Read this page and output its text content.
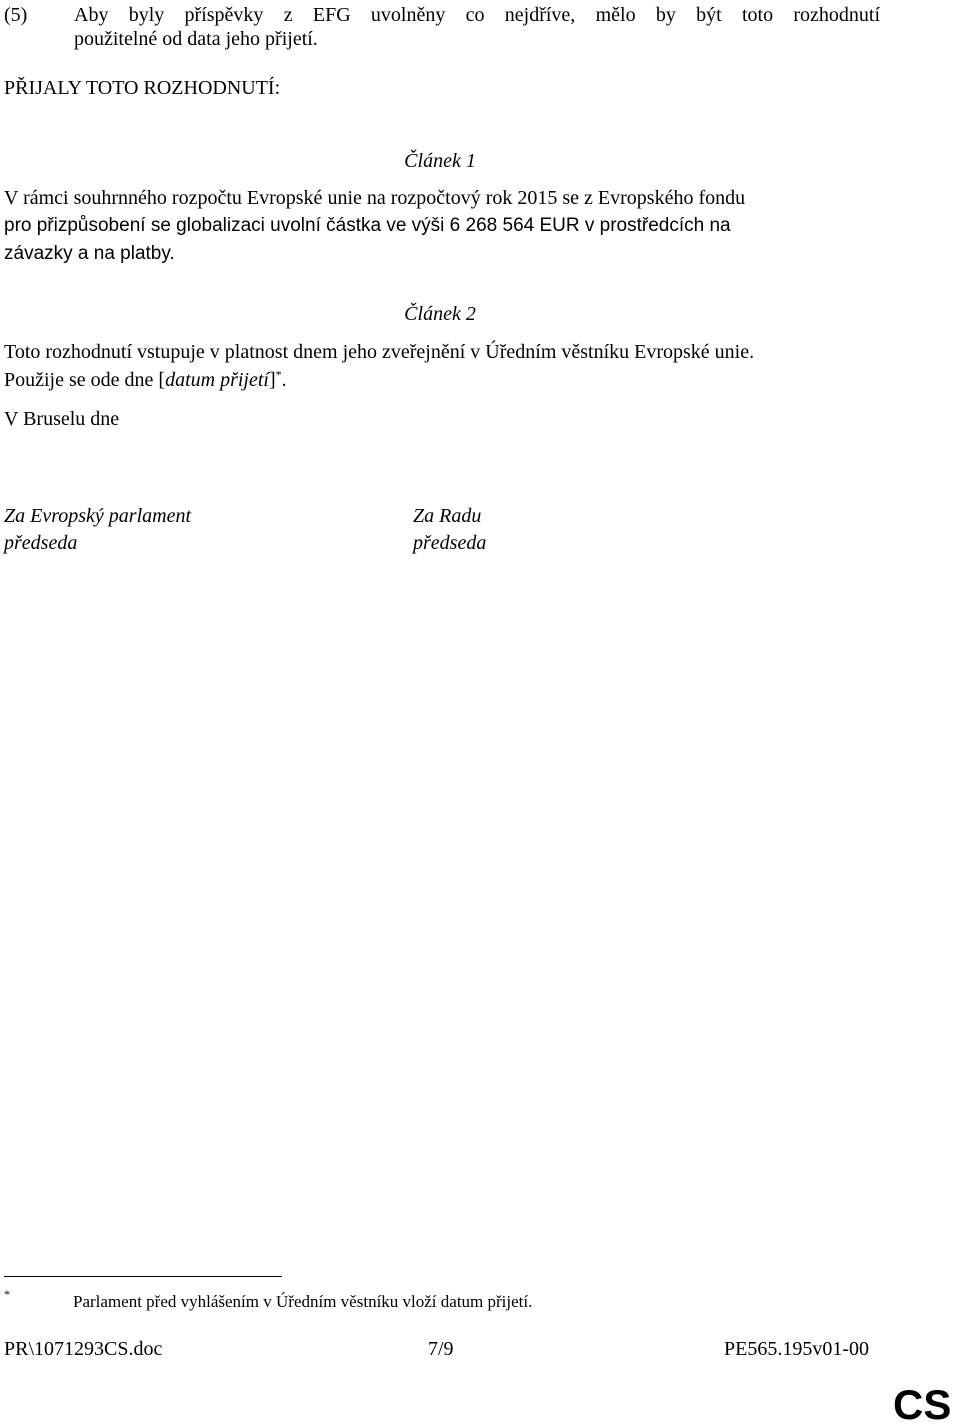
(5) Aby byly příspěvky z EFG uvolněny co nejdříve, mělo by být toto rozhodnutí
použitelné od data jeho přijetí.
PŘIJALY TOTO ROZHODNUTÍ:
Článek 1
V rámci souhrnného rozpočtu Evropské unie na rozpočtový rok 2015 se z Evropského fondu
pro přizpůsobení se globalizaci uvolní částka ve výši 6 268 564 EUR v prostředcích na
závazky a na platby.
Článek 2
Toto rozhodnutí vstupuje v platnost dnem jeho zveřejnění v Úředním věstníku Evropské unie.
Použije se ode dne [datum přijetí]*.
V Bruselu dne
Za Evropský parlament
předseda
Za Radu
předseda
*	Parlament před vyhlášením v Úředním věstníku vloží datum přijetí.
PR\1071293CS.doc	7/9	PE565.195v01-00
CS
